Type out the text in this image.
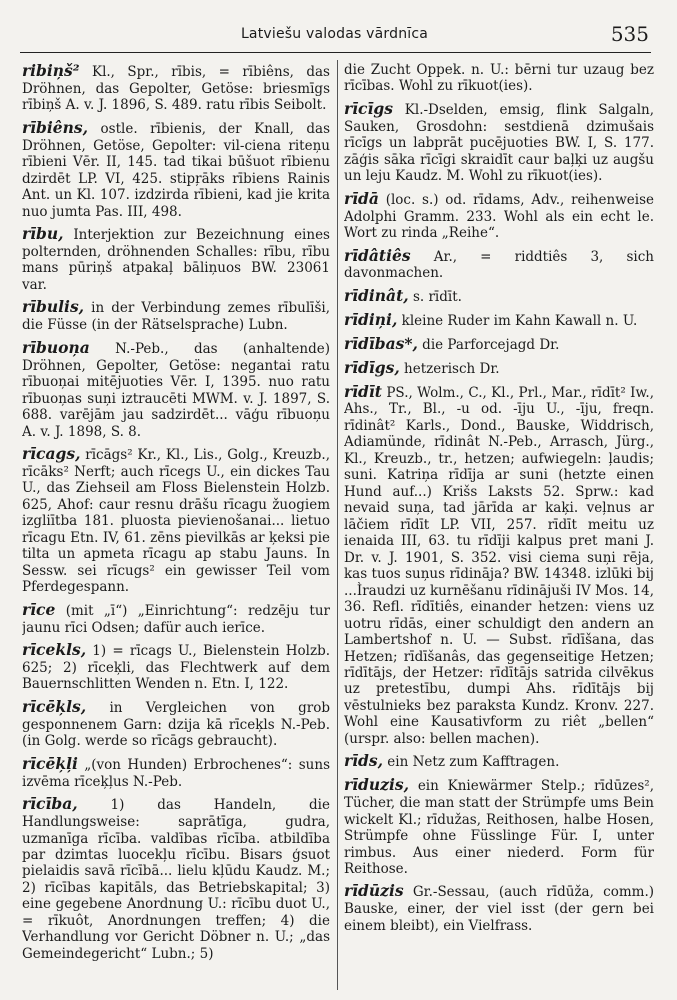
Latviešu valodas vārdnīca	535

ribiņš² Kl., Spr., rībis, = rībiêns, das Dröhnen, das Gepolter, Getöse: briesmīgs rībiņš A. v. J. 1896, S. 489. ratu rībis Seibolt.

rībiêns, ostle. rībienis, der Knall, das Dröhnen, Getöse, Gepolter: vil-ciena riteņu rībieni Vēr. II, 145. tad tikai būšuot rībienu dzirdēt LP. VI, 425. stipŗāks rībiens Rainis Ant. un Kl. 107. izdzirda rībieni, kad jie krita nuo jumta Pas. III, 498.

rību, Interjektion zur Bezeichnung eines polternden, dröhnenden Schalles: rību, rību mans pūriņš atpakaļ bāliņuos BW. 23061 var.

rībulis, in der Verbindung zemes rībulīši, die Füsse (in der Rätselsprache) Lubn.

rībuoņa N.-Peb., das (anhaltende) Dröhnen, Gepolter, Getöse: negantai ratu rībuoņai mitējuoties Vēr. I, 1395. nuo ratu rībuoņas suņi iztraucēti MWM. v. J. 1897, S. 688. varējām jau sadzirdēt... vāģu rībuoņu A. v. J. 1898, S. 8.

rīcags, rīcāgs² Kr., Kl., Lis., Golg., Kreuzb., rīcāks² Nerft; auch rīcegs U., ein dickes Tau U., das Ziehseil am Floss Bielenstein Holzb. 625, Ahof: caur resnu drāšu rīcagu žuogiem izgliītba 181. pluosta pievienošanai... lietuo rīcagu Etn. IV, 61. zēns pievilkās ar ķeksi pie tilta un apmeta rīcagu ap stabu Jauns. In Sessw. sei rīcugs² ein gewisser Teil vom Pferdegespann.

rīce (mit „ī“) „Einrichtung“: redzēju tur jaunu rīci Odsen; dafür auch ierīce.

rīcekls, 1) = rīcags U., Bielenstein Holzb. 625; 2) rīceķli, das Flechtwerk auf dem Bauernschlitten Wenden n. Etn. I, 122.

rīcēķls, in Vergleichen von grob gesponnenem Garn: dzija kā rīceķls N.-Peb. (in Golg. werde so rīcāgs gebraucht).

rīcēķļi „(von Hunden) Erbrochenes“: suns izvēma rīceķļus N.-Peb.

rīcība, 1) das Handeln, die Handlungsweise: saprātīga, gudra, uzmanīga rīcība. valdības rīcība. atbildība par dzimtas luocekļu rīcību. Bisars ģsuot pielaidis savā rīcībā... lielu kļūdu Kaudz. M.; 2) rīcības kapitāls, das Betriebskapital; 3) eine gegebene Anordnung U.: rīcību duot U., = rīkuôt, Anordnungen treffen; 4) die Verhandlung vor Gericht Döbner n. U.; „das Gemeindegericht“ Lubn.; 5)

die Zucht Oppek. n. U.: bērni tur uzaug bez rīcības. Wohl zu rīkuot(ies).

rīcīgs Kl.-Dselden, emsig, flink Salgaln, Sauken, Grosdohn: sestdienā dzimušais rīcīgs un labprāt pucējuoties BW. I, S. 177. zāģis sāka rīcīgi skraidīt caur baļķi uz augšu un leju Kaudz. M. Wohl zu rīkuot(ies).

rīdā (loc. s.) od. rīdams, Adv., reihenweise Adolphi Gramm. 233. Wohl als ein echt le. Wort zu rinda „Reihe“.

rīdâtiês Ar., = riddtiês 3, sich davonmachen.

rīdinât, s. rīdīt.

rīdiņi, kleine Ruder im Kahn Kawall n. U.

rīdības*, die Parforcejagd Dr.

rīdīgs, hetzerisch Dr.

rīdīt PS., Wolm., C., Kl., Prl., Mar., rīdīt² Iw., Ahs., Tr., Bl., -u od. -īju U., -īju, freqn. rīdinât² Karls., Dond., Bauske, Widdrisch, Adiamünde, rīdinât N.-Peb., Arrasch, Jürg., Kl., Kreuzb., tr., hetzen; aufwiegeln: ļaudis; suni. Katriņa rīdīja ar suni (hetzte einen Hund auf...) Krišs Laksts 52. Sprw.: kad nevaid suņa, tad jārīda ar kaķi. veļnus ar lāčiem rīdīt LP. VII, 257. rīdīt meitu uz ienaida III, 63. tu rīdīji kalpus pret mani J. Dr. v. J. 1901, S. 352. visi ciema suņi rēja, kas tuos suņus rīdināja? BW. 14348. izlūki bij ...Ìraudzi uz kurnēšanu rīdinājuši IV Mos. 14, 36. Refl. rīdītiês, einander hetzen: viens uz uotru rīdās, einer schuldigt den andern an Lambertshof n. U. — Subst. rīdīšana, das Hetzen; rīdīšanâs, das gegenseitige Hetzen; rīdītājs, der Hetzer: rīdītājs satrida cilvēkus uz pretestību, dumpi Ahs. rīdītājs bij vēstulnieks bez paraksta Kundz. Kronv. 227. Wohl eine Kausativform zu riêt „bellen“ (urspr. also: bellen machen).

rīds, ein Netz zum Kafftragen.

rīduzis, ein Kniewärmer Stelp.; rīdūzes², Tücher, die man statt der Strümpfe ums Bein wickelt Kl.; rīdužas, Reithosen, halbe Hosen, Strümpfe ohne Füsslinge Für. I, unter rimbus. Aus einer niederd. Form für Reithose.

rīdūzis Gr.-Sessau, (auch rīdūža, comm.) Bauske, einer, der viel isst (der gern bei einem bleibt), ein Vielfrass.
